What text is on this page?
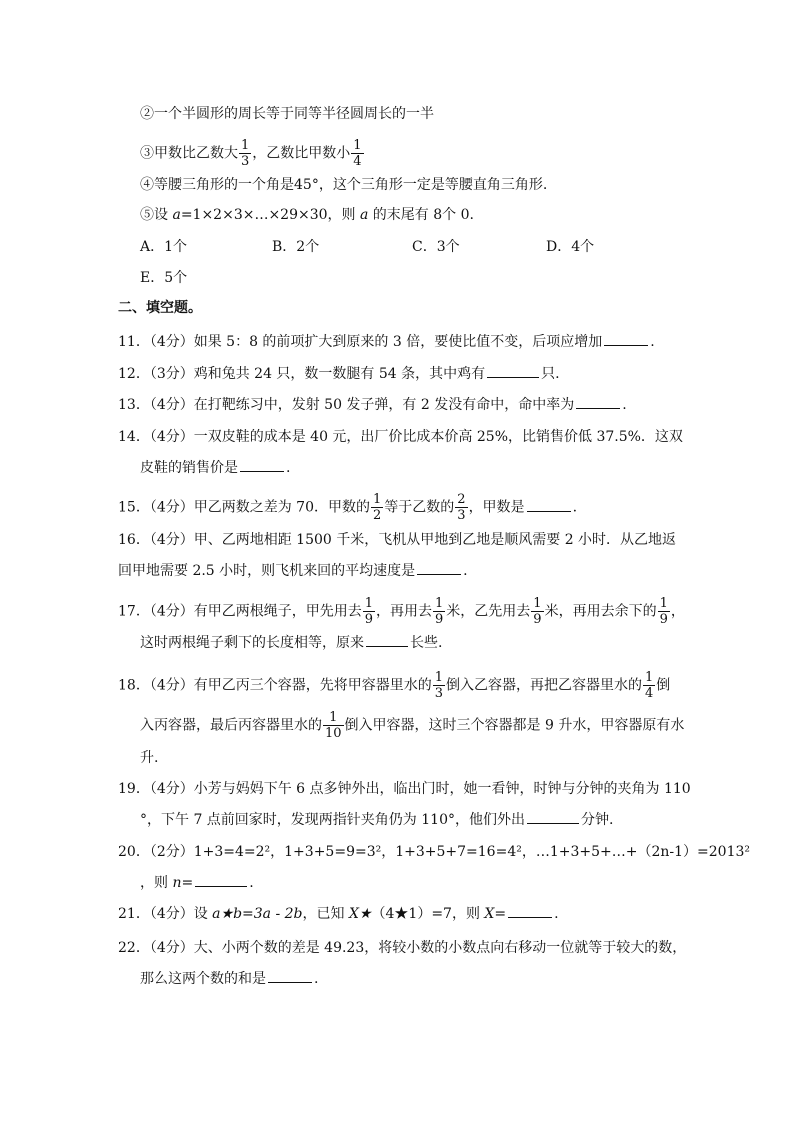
②一个半圆形的周长等于同等半径圆周长的一半
③甲数比乙数大 $\frac{1}{3}$ ，乙数比甲数小 $\frac{1}{4}$
④等腰三角形的一个角是45°，这个三角形一定是等腰直角三角形.
⑤设 a=1×2×3×…×29×30，则 a 的末尾有 8个 0.
A．1个	B．2个	C．3个	D．4个
E．5个
二、填空题。
11．（4分）如果 5：8 的前项扩大到原来的 3 倍，要使比值不变，后项应增加	.
12．（3分）鸡和兔共 24 只，数一数腿有 54 条，其中鸡有	只.
13．（4分）在打靶练习中，发射 50 发子弹，有 2 发没有命中，命中率为	.
14．（4分）一双皮鞋的成本是 40 元，出厂价比成本价高 25%，比销售价低 37.5%．这双
皮鞋的销售价是	.
15．（4分）甲乙两数之差为 70．甲数的 $\frac{1}{2}$ 等于乙数的 $\frac{2}{3}$ ，甲数是	.
16．（4分）甲、乙两地相距 1500 千米，飞机从甲地到乙地是顺风需要 2 小时．从乙地返
回甲地需要 2.5 小时，则飞机来回的平均速度是	.
17．（4分）有甲乙两根绳子，甲先用去 $\frac{1}{9}$ ，再用去 $\frac{1}{9}$ 米，乙先用去 $\frac{1}{9}$ 米，再用去余下的 $\frac{1}{9}$ ，
这时两根绳子剩下的长度相等，原来	长些.
18．（4分）有甲乙丙三个容器，先将甲容器里水的 $\frac{1}{3}$ 倒入乙容器，再把乙容器里水的 $\frac{1}{4}$ 倒
入丙容器，最后丙容器里水的 $\frac{1}{10}$ 倒入甲容器，这时三个容器都是 9 升水，甲容器原有水
升.
19．（4分）小芳与妈妈下午 6 点多钟外出，临出门时，她一看钟，时钟与分钟的夹角为 110
°，下午 7 点前回家时，发现两指针夹角仍为 110°，他们外出	分钟.
20．（2分）1+3=4=2²，1+3+5=9=3²，1+3+5+7=16=4²，…1+3+5+…+（2n-1）=2013²
，则 n=	.
21．（4分）设 a★b=3a - 2b，已知 X★（4★1）=7，则 X=	.
22．（4分）大、小两个数的差是 49.23，将较小数的小数点向右移动一位就等于较大的数，
那么这两个数的和是	.
